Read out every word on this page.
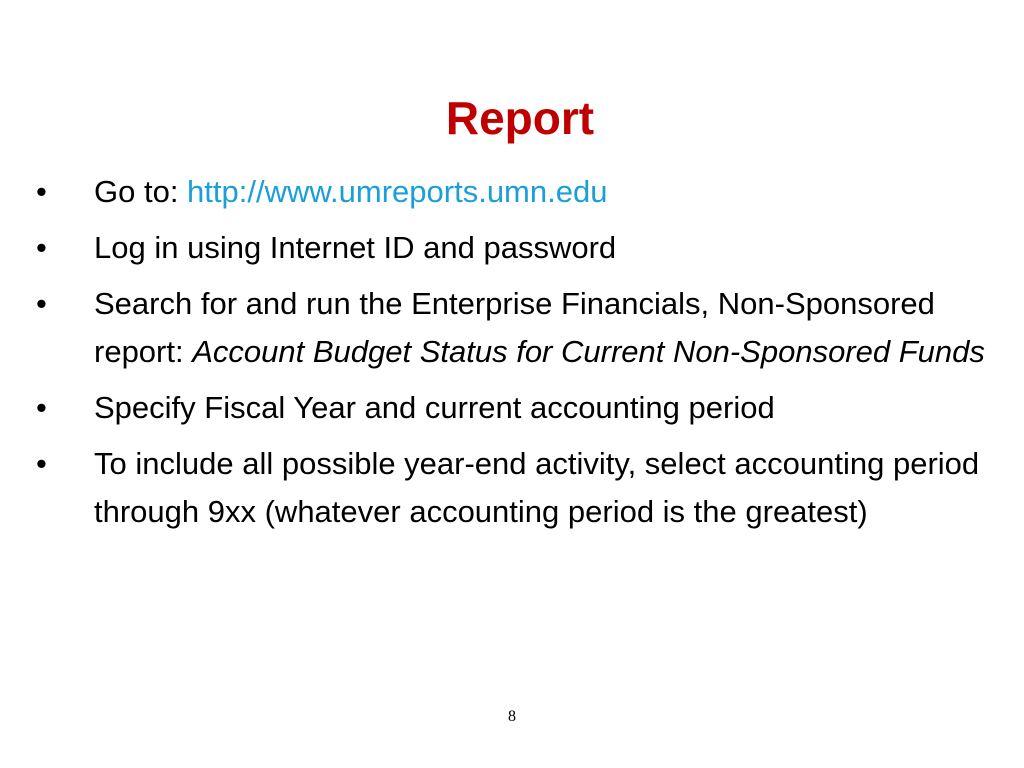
Report
• Go to: http://www.umreports.umn.edu
• Log in using Internet ID and password
• Search for and run the Enterprise Financials, Non-Sponsored report: Account Budget Status for Current Non-Sponsored Funds
• Specify Fiscal Year and current accounting period
• To include all possible year-end activity, select accounting period through 9xx (whatever accounting period is the greatest)
8
